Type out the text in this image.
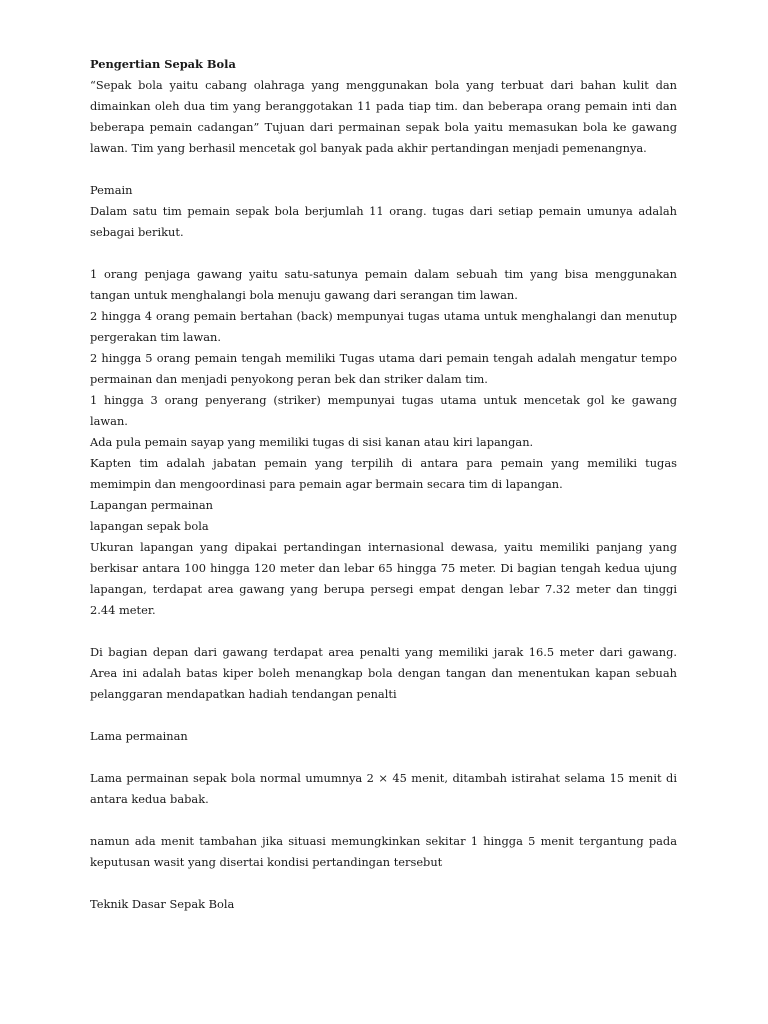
Pengertian Sepak Bola

“Sepak bola yaitu cabang olahraga yang menggunakan bola yang terbuat dari bahan kulit dan dimainkan oleh dua tim yang beranggotakan 11 pada tiap tim. dan beberapa orang pemain inti dan beberapa pemain cadangan” Tujuan dari permainan sepak bola yaitu memasukan bola ke gawang lawan. Tim yang berhasil mencetak gol banyak pada akhir pertandingan menjadi pemenangnya.

Pemain

Dalam satu tim pemain sepak bola berjumlah 11 orang. tugas dari setiap pemain umunya adalah sebagai berikut.

1 orang penjaga gawang yaitu satu-satunya pemain dalam sebuah tim yang bisa menggunakan tangan untuk menghalangi bola menuju gawang dari serangan tim lawan.

2 hingga 4 orang pemain bertahan (back) mempunyai tugas utama untuk menghalangi dan menutup pergerakan tim lawan.

2 hingga 5 orang pemain tengah memiliki Tugas utama dari pemain tengah adalah mengatur tempo permainan dan menjadi penyokong peran bek dan striker dalam tim.

1 hingga 3 orang penyerang (striker) mempunyai tugas utama untuk mencetak gol ke gawang lawan.

Ada pula pemain sayap yang memiliki tugas di sisi kanan atau kiri lapangan.

Kapten tim adalah jabatan pemain yang terpilih di antara para pemain yang memiliki tugas memimpin dan mengoordinasi para pemain agar bermain secara tim di lapangan.

Lapangan permainan

lapangan sepak bola

Ukuran lapangan yang dipakai pertandingan internasional dewasa, yaitu memiliki panjang yang berkisar antara 100 hingga 120 meter dan lebar 65 hingga 75 meter. Di bagian tengah kedua ujung lapangan, terdapat area gawang yang berupa persegi empat dengan lebar 7.32 meter dan tinggi 2.44 meter.

Di bagian depan dari gawang terdapat area penalti yang memiliki jarak 16.5 meter dari gawang. Area ini adalah batas kiper boleh menangkap bola dengan tangan dan menentukan kapan sebuah pelanggaran mendapatkan hadiah tendangan penalti

Lama permainan

Lama permainan sepak bola normal umumnya 2 × 45 menit, ditambah istirahat selama 15 menit di antara kedua babak.

namun ada menit tambahan jika situasi memungkinkan sekitar 1 hingga 5 menit tergantung pada keputusan wasit yang disertai kondisi pertandingan tersebut

Teknik Dasar Sepak Bola
